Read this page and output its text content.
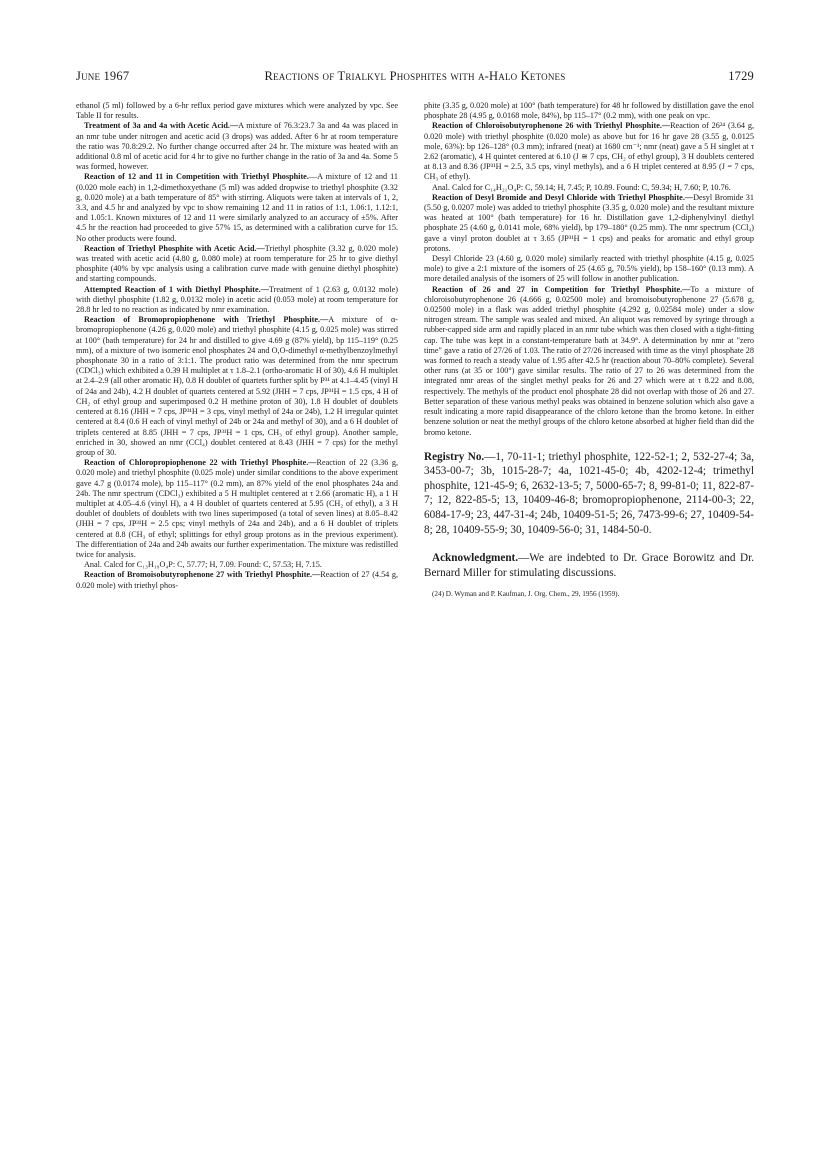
June 1967	Reactions of Trialkyl Phosphites with α-Halo Ketones	1729

ethanol (5 ml) followed by a 6-hr reflux period gave mixtures which were analyzed by vpc. See Table II for results.

Treatment of 3a and 4a with Acetic Acid.—A mixture of 76.3:23.7 3a and 4a was placed in an nmr tube under nitrogen and acetic acid (3 drops) was added. After 6 hr at room temperature the ratio was 70.8:29.2. No further change occurred after 24 hr. The mixture was heated with an additional 0.8 ml of acetic acid for 4 hr to give no further change in the ratio of 3a and 4a. Some 5 was formed, however.

Reaction of 12 and 11 in Competition with Triethyl Phosphite.—A mixture of 12 and 11 (0.020 mole each) in 1,2-dimethoxyethane (5 ml) was added dropwise to triethyl phosphite (3.32 g, 0.020 mole) at a bath temperature of 85° with stirring. Aliquots were taken at intervals of 1, 2, 3.3, and 4.5 hr and analyzed by vpc to show remaining 12 and 11 in ratios of 1:1, 1.06:1, 1.12:1, and 1.05:1. Known mixtures of 12 and 11 were similarly analyzed to an accuracy of ±5%. After 4.5 hr the reaction had proceeded to give 57% 15, as determined with a calibration curve for 15. No other products were found.

Reaction of Triethyl Phosphite with Acetic Acid.—Triethyl phosphite (3.32 g, 0.020 mole) was treated with acetic acid (4.80 g, 0.080 mole) at room temperature for 25 hr to give diethyl phosphite (40% by vpc analysis using a calibration curve made with genuine diethyl phosphite) and starting compounds.

Attempted Reaction of 1 with Diethyl Phosphite.—Treatment of 1 (2.63 g, 0.0132 mole) with diethyl phosphite (1.82 g, 0.0132 mole) in acetic acid (0.053 mole) at room temperature for 28.8 hr led to no reaction as indicated by nmr examination.

Reaction of Bromopropiophenone with Triethyl Phosphite.—A mixture of α-bromopropiophenone (4.26 g, 0.020 mole) and triethyl phosphite (4.15 g, 0.025 mole) was stirred at 100° (bath temperature) for 24 hr and distilled to give 4.69 g (87% yield), bp 115–119° (0.25 mm), of a mixture of two isomeric enol phosphates 24 and O,O-dimethyl α-methylbenzoylmethyl phosphonate 30 in a ratio of 3:1:1. The product ratio was determined from the nmr spectrum (CDCl₃) which exhibited a 0.39 H multiplet at τ 1.8–2.1 (ortho-aromatic H of 30), 4.6 H multiplet at 2.4–2.9 (all other aromatic H), 0.8 H doublet of quartets further split by P³¹ at 4.1–4.45 (vinyl H of 24a and 24b), 4.2 H doublet of quartets centered at 5.92 (JHH = 7 cps, JP³¹H = 1.5 cps, 4 H of CH₂ of ethyl group and superimposed 0.2 H methine proton of 30), 1.8 H doublet of doublets centered at 8.16 (JHH = 7 cps, JP³¹H = 3 cps, vinyl methyl of 24a or 24b), 1.2 H irregular quintet centered at 8.4 (0.6 H each of vinyl methyl of 24b or 24a and methyl of 30), and a 6 H doublet of triplets centered at 8.85 (JHH = 7 cps, JP³¹H = 1 cps, CH₃ of ethyl group). Another sample, enriched in 30, showed an nmr (CCl₄) doublet centered at 8.43 (JHH = 7 cps) for the methyl group of 30.

Reaction of Chloropropiophenone 22 with Triethyl Phosphite.—Reaction of 22 (3.36 g, 0.020 mole) and triethyl phosphite (0.025 mole) under similar conditions to the above experiment gave 4.7 g (0.0174 mole), bp 115–117° (0.2 mm), an 87% yield of the enol phosphates 24a and 24b. The nmr spectrum (CDCl₃) exhibited a 5 H multiplet centered at τ 2.66 (aromatic H), a 1 H multiplet at 4.05–4.6 (vinyl H), a 4 H doublet of quartets centered at 5.95 (CH₂ of ethyl), a 3 H doublet of doublets of doublets with two lines superimposed (a total of seven lines) at 8.05–8.42 (JHH = 7 cps, JP³¹H = 2.5 cps; vinyl methyls of 24a and 24b), and a 6 H doublet of triplets centered at 8.8 (CH₃ of ethyl; splittings for ethyl group protons as in the previous experiment). The differentiation of 24a and 24b awaits our further experimentation. The mixture was redistilled twice for analysis.

Anal. Calcd for C₁₃H₁₉O₄P: C, 57.77; H, 7.09. Found: C, 57.53; H, 7.15.

Reaction of Bromoisobutyrophenone 27 with Triethyl Phosphite.—Reaction of 27 (4.54 g, 0.020 mole) with triethyl phos-

phite (3.35 g, 0.020 mole) at 100° (bath temperature) for 48 hr followed by distillation gave the enol phosphate 28 (4.95 g, 0.0168 mole, 84%), bp 115–17° (0.2 mm), with one peak on vpc.

Reaction of Chloroisobutyrophenone 26 with Triethyl Phosphite.—Reaction of 26²⁴ (3.64 g, 0.020 mole) with triethyl phosphite (0.020 mole) as above but for 16 hr gave 28 (3.55 g, 0.0125 mole, 63%): bp 126–128° (0.3 mm); infrared (neat) at 1680 cm⁻¹; nmr (neat) gave a 5 H singlet at τ 2.62 (aromatic), 4 H quintet centered at 6.10 (J ≅ 7 cps, CH₂ of ethyl group), 3 H doublets centered at 8.13 and 8.36 (JP³¹H = 2.5, 3.5 cps, vinyl methyls), and a 6 H triplet centered at 8.95 (J = 7 cps, CH₃ of ethyl).

Anal. Calcd for C₁₄H₂₁O₄P: C, 59.14; H, 7.45; P, 10.89. Found: C, 59.34; H, 7.60; P, 10.76.

Reaction of Desyl Bromide and Desyl Chloride with Triethyl Phosphite.—Desyl Bromide 31 (5.50 g, 0.0207 mole) was added to triethyl phosphite (3.35 g, 0.020 mole) and the resultant mixture was heated at 100° (bath temperature) for 16 hr. Distillation gave 1,2-diphenylvinyl diethyl phosphate 25 (4.60 g, 0.0141 mole, 68% yield), bp 179–180° (0.25 mm). The nmr spectrum (CCl₄) gave a vinyl proton doublet at τ 3.65 (JP³¹H = 1 cps) and peaks for aromatic and ethyl group protons.

Desyl Chloride 23 (4.60 g, 0.020 mole) similarly reacted with triethyl phosphite (4.15 g, 0.025 mole) to give a 2:1 mixture of the isomers of 25 (4.65 g, 70.5% yield), bp 158–160° (0.13 mm). A more detailed analysis of the isomers of 25 will follow in another publication.

Reaction of 26 and 27 in Competition for Triethyl Phosphite.—To a mixture of chloroisobutyrophenone 26 (4.666 g, 0.02500 mole) and bromoisobutyrophenone 27 (5.678 g, 0.02500 mole) in a flask was added triethyl phosphite (4.292 g, 0.02584 mole) under a slow nitrogen stream. The sample was sealed and mixed. An aliquot was removed by syringe through a rubber-capped side arm and rapidly placed in an nmr tube which was then closed with a tight-fitting cap. The tube was kept in a constant-temperature bath at 34.9°. A determination by nmr at "zero time" gave a ratio of 27/26 of 1.03. The ratio of 27/26 increased with time as the vinyl phosphate 28 was formed to reach a steady value of 1.95 after 42.5 hr (reaction about 70–80% complete). Several other runs (at 35 or 100°) gave similar results. The ratio of 27 to 26 was determined from the integrated nmr areas of the singlet methyl peaks for 26 and 27 which were at τ 8.22 and 8.08, respectively. The methyls of the product enol phosphate 28 did not overlap with those of 26 and 27. Better separation of these various methyl peaks was obtained in benzene solution which also gave a result indicating a more rapid disappearance of the chloro ketone than the bromo ketone. In either benzene solution or neat the methyl groups of the chloro ketone absorbed at higher field than did the bromo ketone.

Registry No.—1, 70-11-1; triethyl phosphite, 122-52-1; 2, 532-27-4; 3a, 3453-00-7; 3b, 1015-28-7; 4a, 1021-45-0; 4b, 4202-12-4; trimethyl phosphite, 121-45-9; 6, 2632-13-5; 7, 5000-65-7; 8, 99-81-0; 11, 822-87-7; 12, 822-85-5; 13, 10409-46-8; bromopropiophenone, 2114-00-3; 22, 6084-17-9; 23, 447-31-4; 24b, 10409-51-5; 26, 7473-99-6; 27, 10409-54-8; 28, 10409-55-9; 30, 10409-56-0; 31, 1484-50-0.

Acknowledgment.—We are indebted to Dr. Grace Borowitz and Dr. Bernard Miller for stimulating discussions.

(24) D. Wyman and P. Kaufman, J. Org. Chem., 29, 1956 (1959).
